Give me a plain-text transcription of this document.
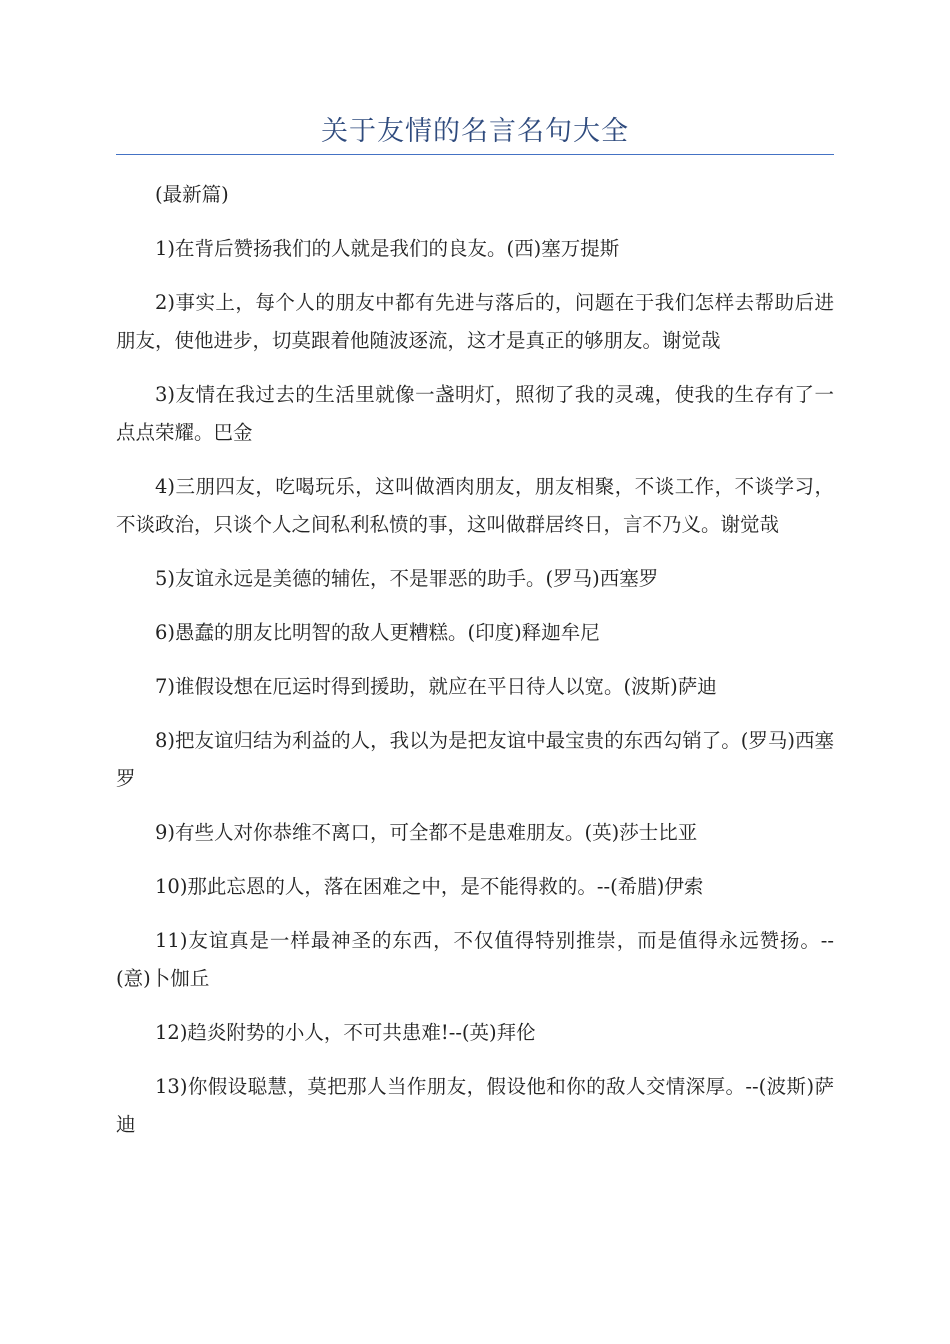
关于友情的名言名句大全

(最新篇)

1)在背后赞扬我们的人就是我们的良友。(西)塞万提斯

2)事实上，每个人的朋友中都有先进与落后的，问题在于我们怎样去帮助后进朋友，使他进步，切莫跟着他随波逐流，这才是真正的够朋友。谢觉哉

3)友情在我过去的生活里就像一盏明灯，照彻了我的灵魂，使我的生存有了一点点荣耀。巴金

4)三朋四友，吃喝玩乐，这叫做酒肉朋友，朋友相聚，不谈工作，不谈学习，不谈政治，只谈个人之间私利私愤的事，这叫做群居终日，言不乃义。谢觉哉

5)友谊永远是美德的辅佐，不是罪恶的助手。(罗马)西塞罗

6)愚蠢的朋友比明智的敌人更糟糕。(印度)释迦牟尼

7)谁假设想在厄运时得到援助，就应在平日待人以宽。(波斯)萨迪

8)把友谊归结为利益的人，我以为是把友谊中最宝贵的东西勾销了。(罗马)西塞罗

9)有些人对你恭维不离口，可全都不是患难朋友。(英)莎士比亚

10)那此忘恩的人，落在困难之中，是不能得救的。--(希腊)伊索

11)友谊真是一样最神圣的东西，不仅值得特别推崇，而是值得永远赞扬。--(意)卜伽丘

12)趋炎附势的小人，不可共患难!--(英)拜伦

13)你假设聪慧，莫把那人当作朋友，假设他和你的敌人交情深厚。--(波斯)萨迪
